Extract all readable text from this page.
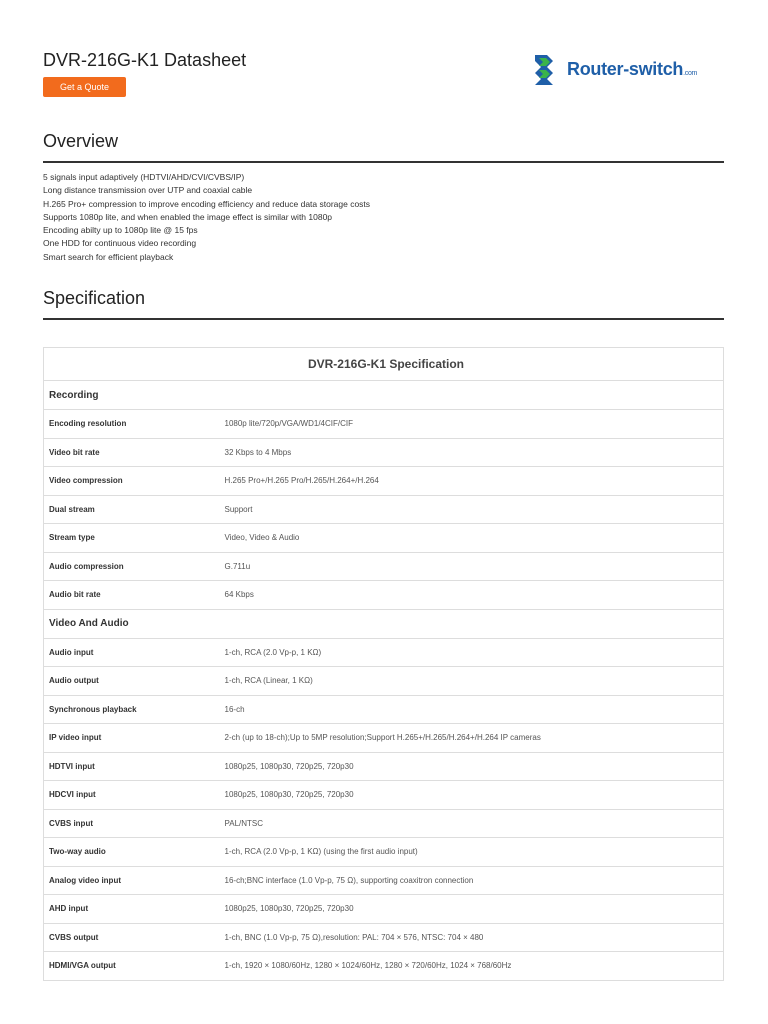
DVR-216G-K1 Datasheet
Get a Quote
Router-switch.com
Overview
5 signals input adaptively (HDTVI/AHD/CVI/CVBS/IP)
Long distance transmission over UTP and coaxial cable
H.265 Pro+ compression to improve encoding efficiency and reduce data storage costs
Supports 1080p lite, and when enabled the image effect is similar with 1080p
Encoding abilty up to 1080p lite @ 15 fps
One HDD for continuous video recording
Smart search for efficient playback
Specification
DVR-216G-K1 Specification	
Recording	
Encoding resolution	1080p lite/720p/VGA/WD1/4CIF/CIF
Video bit rate	32 Kbps to 4 Mbps
Video compression	H.265 Pro+/H.265 Pro/H.265/H.264+/H.264
Dual stream	Support
Stream type	Video, Video & Audio
Audio compression	G.711u
Audio bit rate	64 Kbps
Video And Audio	
Audio input	1-ch, RCA (2.0 Vp-p, 1 KΩ)
Audio output	1-ch, RCA (Linear, 1 KΩ)
Synchronous playback	16-ch
IP video input	2-ch (up to 18-ch);Up to 5MP resolution;Support H.265+/H.265/H.264+/H.264 IP cameras
HDTVI input	1080p25, 1080p30, 720p25, 720p30
HDCVI input	1080p25, 1080p30, 720p25, 720p30
CVBS input	PAL/NTSC
Two-way audio	1-ch, RCA (2.0 Vp-p, 1 KΩ) (using the first audio input)
Analog video input	16-ch;BNC interface (1.0 Vp-p, 75 Ω), supporting coaxitron connection
AHD input	1080p25, 1080p30, 720p25, 720p30
CVBS output	1-ch, BNC (1.0 Vp-p, 75 Ω),resolution: PAL: 704 × 576, NTSC: 704 × 480
HDMI/VGA output	1-ch, 1920 × 1080/60Hz, 1280 × 1024/60Hz, 1280 × 720/60Hz, 1024 × 768/60Hz
